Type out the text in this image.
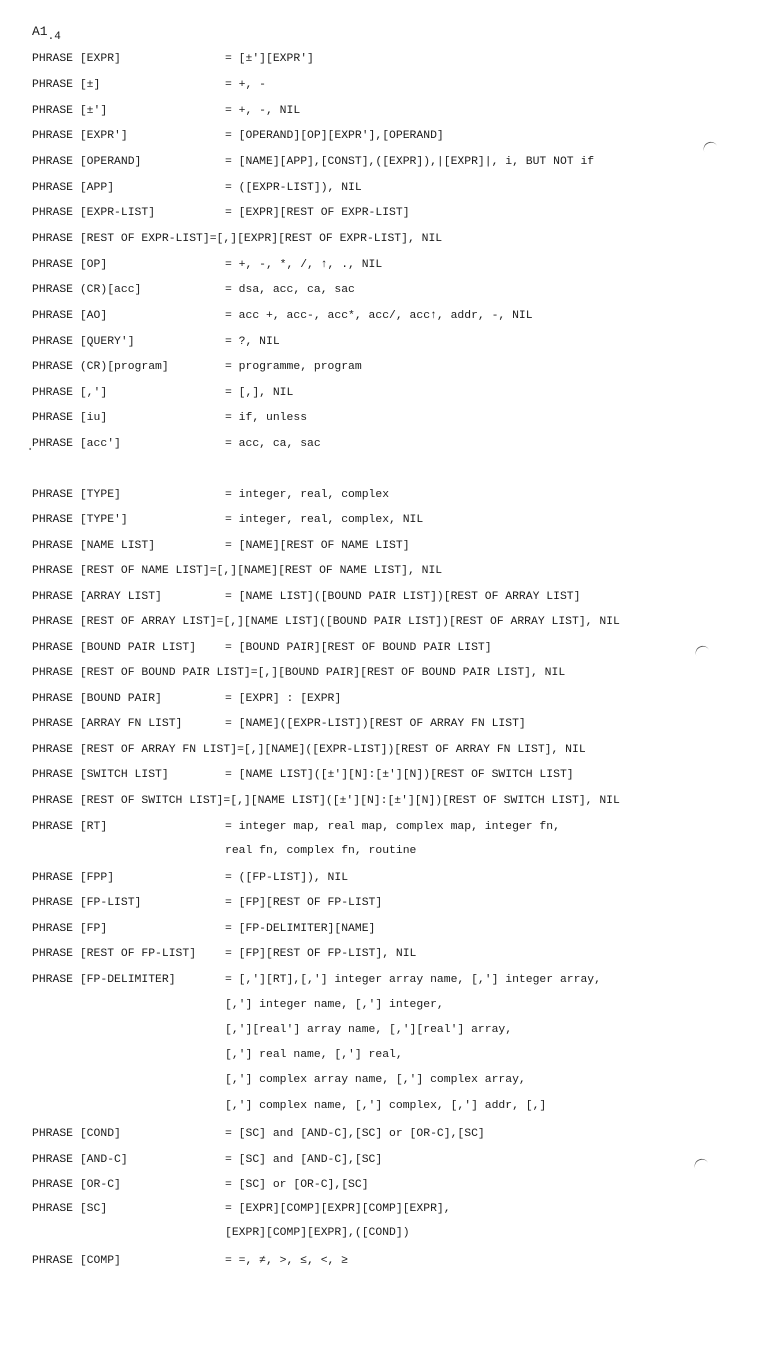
$A1_{.4}$
PHRASE [EXPR]	= [±'][EXPR']
PHRASE [±]	= +, -
PHRASE [±']	= +, -, NIL
PHRASE [EXPR']	= [OPERAND][OP][EXPR'],[OPERAND]
PHRASE [OPERAND]	= [NAME][APP],[CONST],([EXPR]),|[EXPR]|, i, BUT NOT if
PHRASE [APP]	= ([EXPR-LIST]), NIL
PHRASE [EXPR-LIST]	= [EXPR][REST OF EXPR-LIST]
PHRASE [REST OF EXPR-LIST]=[,][EXPR][REST OF EXPR-LIST], NIL
PHRASE [OP]	= +, -, *, /, ↑, ., NIL
PHRASE (CR)[acc]	= dsa, acc, ca, sac
PHRASE [AO]	= acc +, acc-, acc*, acc/, acc↑, addr, -, NIL
PHRASE [QUERY']	= ?, NIL
PHRASE (CR)[program]	= programme, program
PHRASE [,']	= [,], NIL
PHRASE [iu]	= if, unless
PHRASE [acc']	= acc, ca, sac
PHRASE [TYPE]	= integer, real, complex
PHRASE [TYPE']	= integer, real, complex, NIL
PHRASE [NAME LIST]	= [NAME][REST OF NAME LIST]
PHRASE [REST OF NAME LIST]=[,][NAME][REST OF NAME LIST], NIL
PHRASE [ARRAY LIST]	= [NAME LIST]([BOUND PAIR LIST])[REST OF ARRAY LIST]
PHRASE [REST OF ARRAY LIST]=[,][NAME LIST]([BOUND PAIR LIST])[REST OF ARRAY LIST], NIL
PHRASE [BOUND PAIR LIST]	= [BOUND PAIR][REST OF BOUND PAIR LIST]
PHRASE [REST OF BOUND PAIR LIST]=[,][BOUND PAIR][REST OF BOUND PAIR LIST], NIL
PHRASE [BOUND PAIR]	= [EXPR] : [EXPR]
PHRASE [ARRAY FN LIST]	= [NAME]([EXPR-LIST])[REST OF ARRAY FN LIST]
PHRASE [REST OF ARRAY FN LIST]=[,][NAME]([EXPR-LIST])[REST OF ARRAY FN LIST], NIL
PHRASE [SWITCH LIST]	= [NAME LIST]([±'][N]:[±'][N])[REST OF SWITCH LIST]
PHRASE [REST OF SWITCH LIST]=[,][NAME LIST]([±'][N]:[±'][N])[REST OF SWITCH LIST], NIL
PHRASE [RT]	= integer map, real map, complex map, integer fn,
real fn, complex fn, routine
PHRASE [FPP]	= ([FP-LIST]), NIL
PHRASE [FP-LIST]	= [FP][REST OF FP-LIST]
PHRASE [FP]	= [FP-DELIMITER][NAME]
PHRASE [REST OF FP-LIST]	= [FP][REST OF FP-LIST], NIL
PHRASE [FP-DELIMITER]	= [,'][RT],[,'] integer array name, [,'] integer array,
[,'] integer name, [,'] integer,
[,'][real'] array name, [,'][real'] array,
[,'] real name, [,'] real,
[,'] complex array name, [,'] complex array,
[,'] complex name, [,'] complex, [,'] addr, [,]
PHRASE [COND]	= [SC] and [AND-C],[SC] or [OR-C],[SC]
PHRASE [AND-C]	= [SC] and [AND-C],[SC]
PHRASE [OR-C]	= [SC] or [OR-C],[SC]
PHRASE [SC]	= [EXPR][COMP][EXPR][COMP][EXPR],
[EXPR][COMP][EXPR],([COND])
PHRASE [COMP]	= =, ≠, >, ≤, <, ≥
·
